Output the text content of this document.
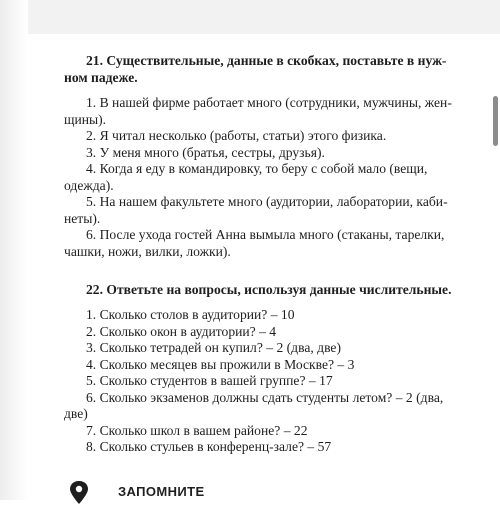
21. Существительные, данные в скобках, поставьте в нужном падеже.

1. В нашей фирме работает много (сотрудники, мужчины, женщины).
2. Я читал несколько (работы, статьи) этого физика.
3. У меня много (братья, сестры, друзья).
4. Когда я еду в командировку, то беру с собой мало (вещи, одежда).
5. На нашем факультете много (аудитории, лаборатории, кабинеты).
6. После ухода гостей Анна вымыла много (стаканы, тарелки, чашки, ножи, вилки, ложки).

22. Ответьте на вопросы, используя данные числительные.

1. Сколько столов в аудитории? – 10
2. Сколько окон в аудитории? – 4
3. Сколько тетрадей он купил? – 2 (два, две)
4. Сколько месяцев вы прожили в Москве? – 3
5. Сколько студентов в вашей группе? – 17
6. Сколько экзаменов должны сдать студенты летом? – 2 (два, две)
7. Сколько школ в вашем районе? – 22
8. Сколько стульев в конференц-зале? – 57
ЗАПОМНИТЕ
